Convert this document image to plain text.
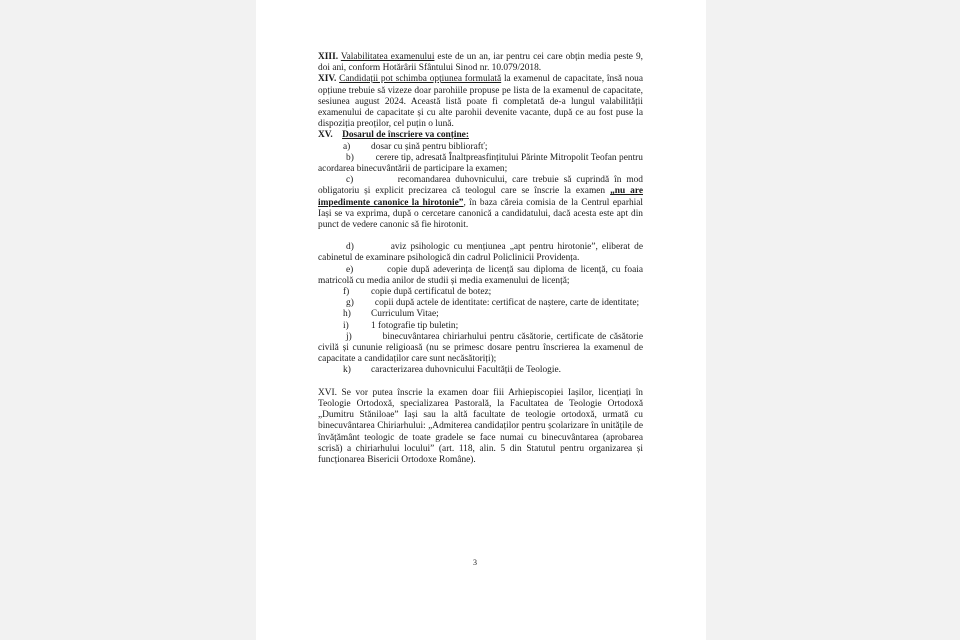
XIII. Valabilitatea examenului este de un an, iar pentru cei care obțin media peste 9, doi ani, conform Hotărârii Sfântului Sinod nr. 10.079/2018.

XIV. Candidații pot schimba opțiunea formulată la examenul de capacitate, însă noua opțiune trebuie să vizeze doar parohiile propuse pe lista de la examenul de capacitate, sesiunea august 2024. Această listă poate fi completată de-a lungul valabilității examenului de capacitate și cu alte parohii devenite vacante, după ce au fost puse la dispoziția preoților, cel puțin o lună.

XV. Dosarul de înscriere va conține:

a)	dosar cu șină pentru bibliorafť;

b) cerere tip, adresată Înaltpreasfințitului Părinte Mitropolit Teofan pentru acordarea binecuvântării de participare la examen;

c)	recomandarea duhovnicului, care trebuie să cuprindă în mod obligatoriu și explicit precizarea că teologul care se înscrie la examen „nu are impedimente canonice la hirotonie”, în baza căreia comisia de la Centrul eparhial Iași se va exprima, după o cercetare canonică a candidatului, dacă acesta este apt din punct de vedere canonic să fie hirotonit.

d)	aviz psihologic cu mențiunea „apt pentru hirotonie”, eliberat de cabinetul de examinare psihologică din cadrul Policlinicii Providența.

e)	copie după adeverința de licență sau diploma de licență, cu foaia matricolă cu media anilor de studii și media examenului de licență;

f)	copie după certificatul de botez;

g) copii după actele de identitate: certificat de naștere, carte de identitate;

h)	Curriculum Vitae;
i)	1 fotografie tip buletin;

j)	binecuvântarea chiriarhului pentru căsătorie, certificate de căsătorie civilă și cununie religioasă (nu se primesc dosare pentru înscrierea la examenul de capacitate a candidaților care sunt necăsătoriți);

k)	caracterizarea duhovnicului Facultății de Teologie.

XVI. Se vor putea înscrie la examen doar fiii Arhiepiscopiei Iașilor, licențiați în Teologie Ortodoxă, specializarea Pastorală, la Facultatea de Teologie Ortodoxă „Dumitru Stăniloae” Iași sau la altă facultate de teologie ortodoxă, urmată cu binecuvântarea Chiriarhului: „Admiterea candidaților pentru școlarizare în unitățile de învățământ teologic de toate gradele se face numai cu binecuvântarea (aprobarea scrisă) a chiriarhului locului” (art. 118, alin. 5 din Statutul pentru organizarea și funcționarea Bisericii Ortodoxe Române).

3
